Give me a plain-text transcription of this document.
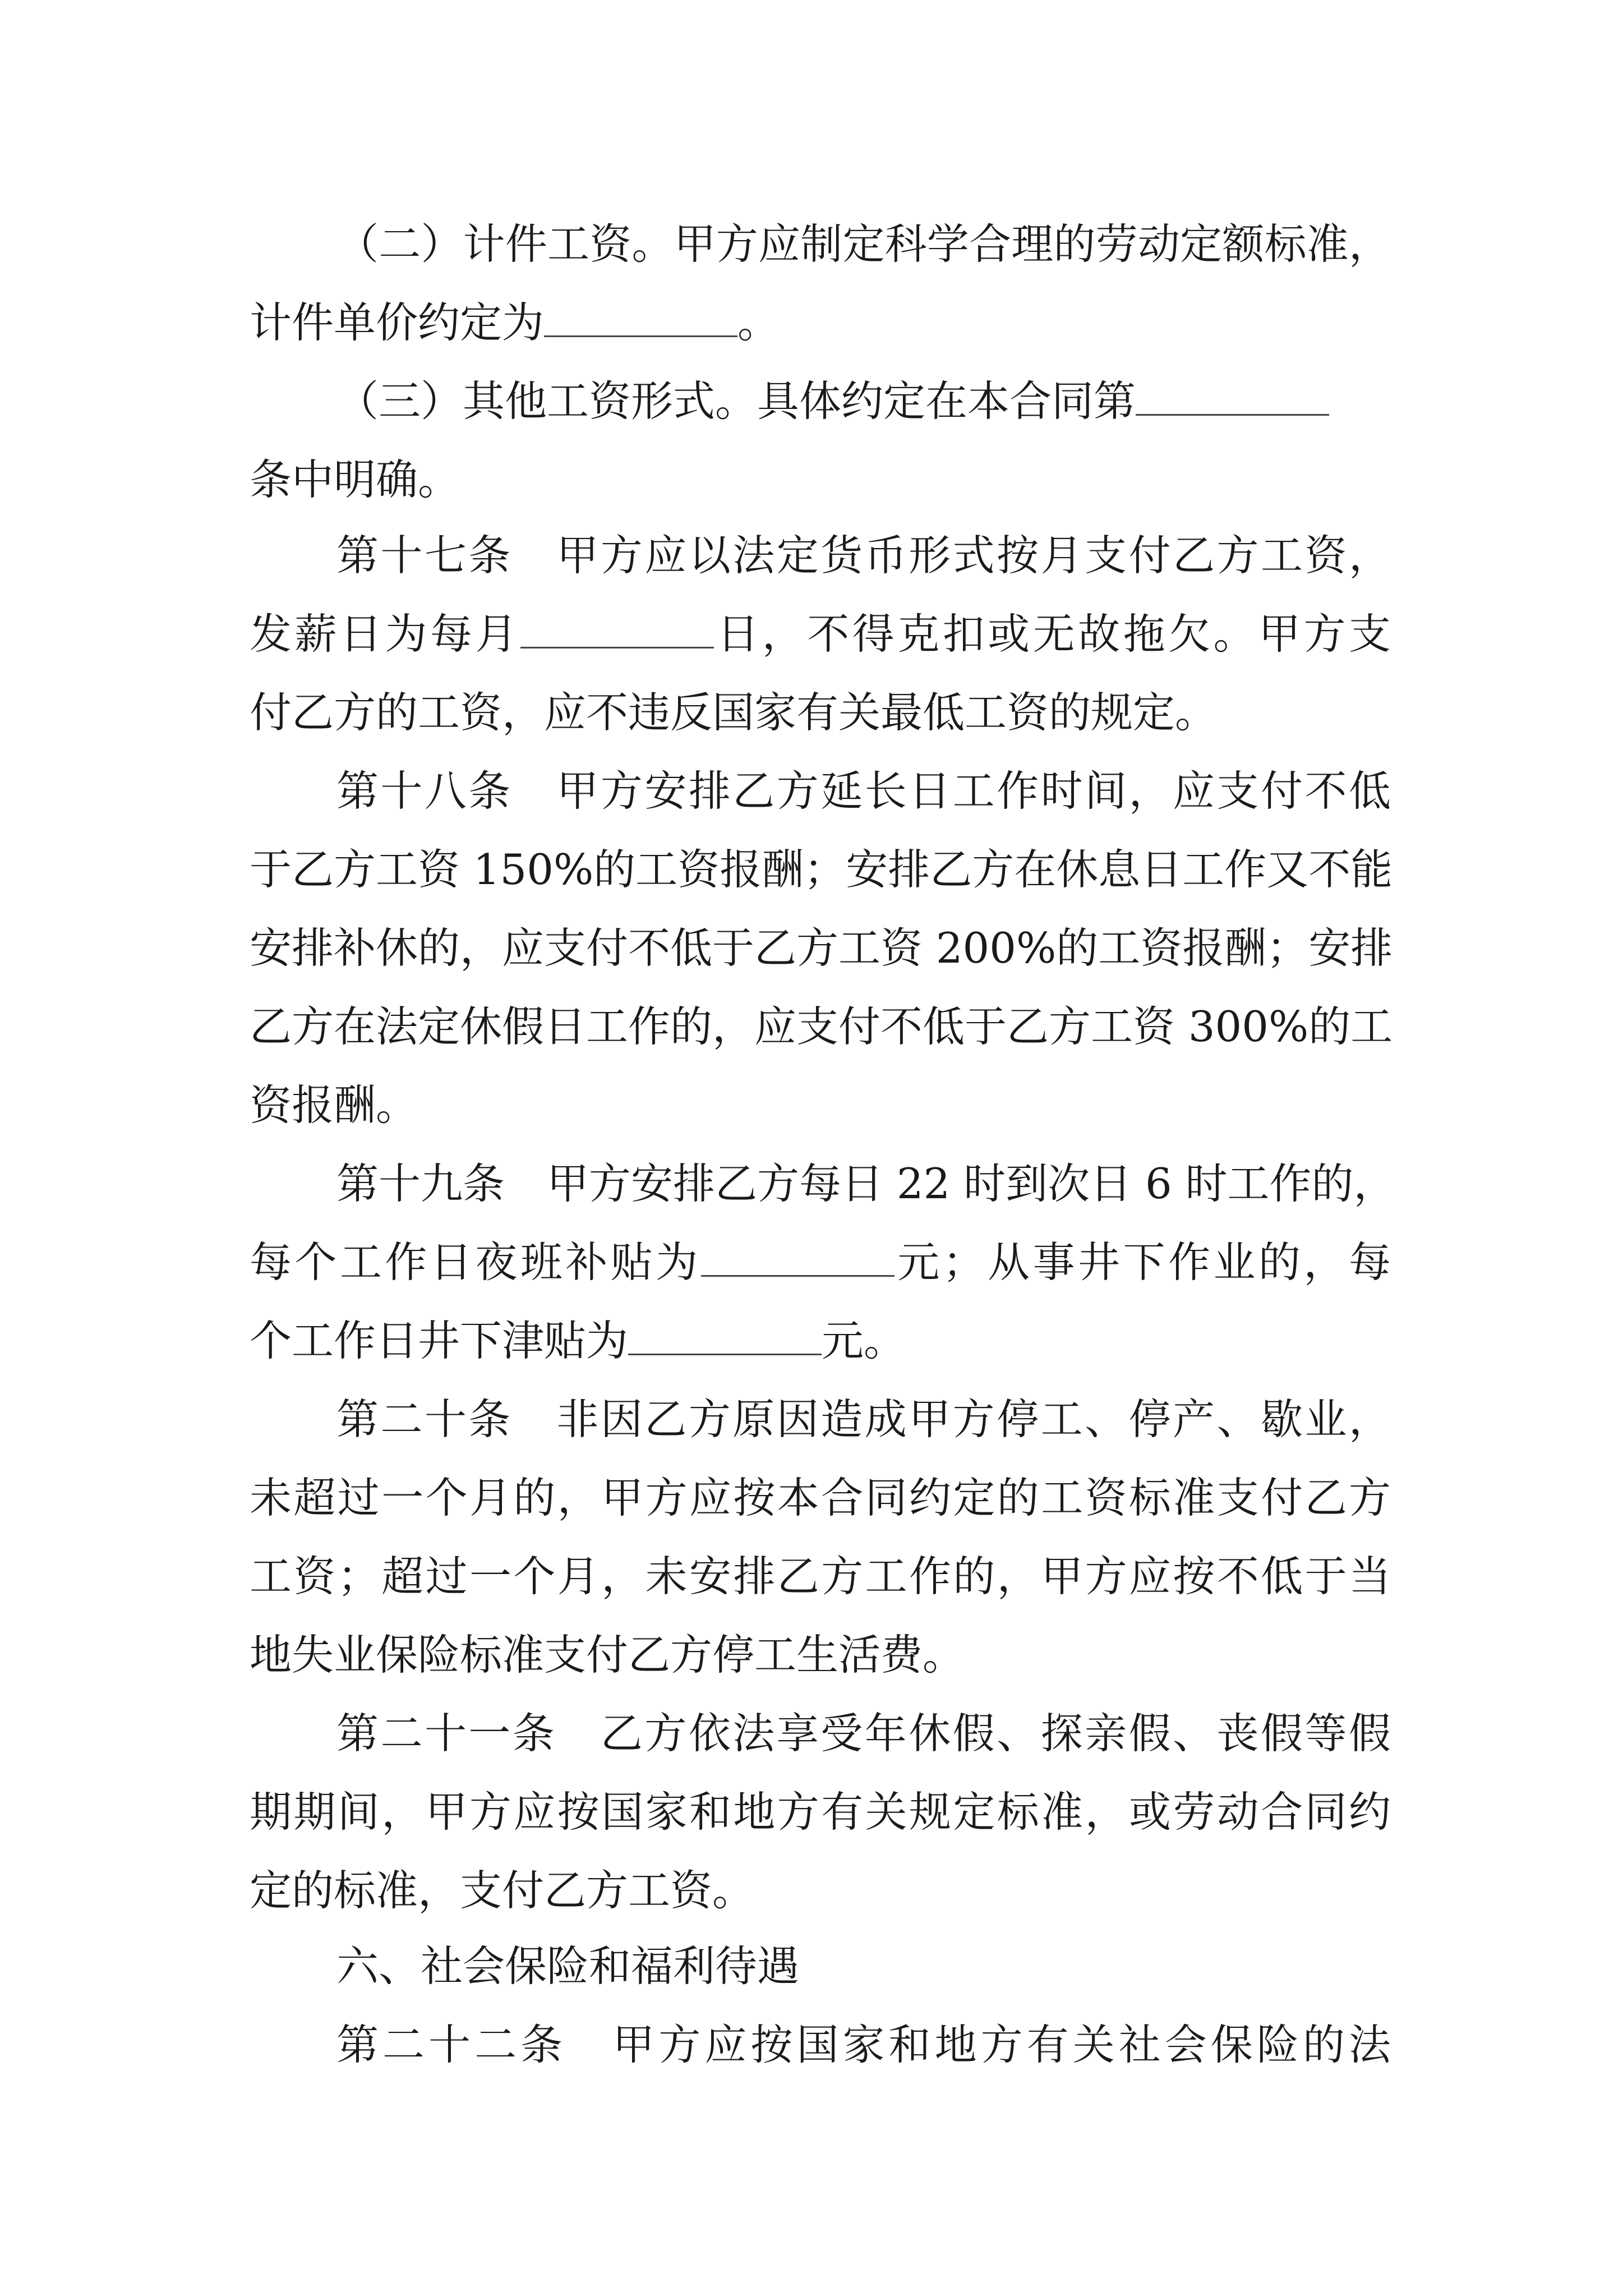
（二）计件工资。甲方应制定科学合理的劳动定额标准，
计件单价约定为	。
（三）其他工资形式。具体约定在本合同第
条中明确。
第十七条　甲方应以法定货币形式按月支付乙方工资，
发薪日为每月	日，不得克扣或无故拖欠。甲方支
付乙方的工资，应不违反国家有关最低工资的规定。
第十八条　甲方安排乙方延长日工作时间，应支付不低
于乙方工资 150%的工资报酬；安排乙方在休息日工作又不能
安排补休的，应支付不低于乙方工资 200%的工资报酬；安排
乙方在法定休假日工作的，应支付不低于乙方工资 300%的工
资报酬。
第十九条　甲方安排乙方每日 22 时到次日 6 时工作的，
每个工作日夜班补贴为	元；从事井下作业的，每
个工作日井下津贴为	元。
第二十条　非因乙方原因造成甲方停工、停产、歇业，
未超过一个月的，甲方应按本合同约定的工资标准支付乙方
工资；超过一个月，未安排乙方工作的，甲方应按不低于当
地失业保险标准支付乙方停工生活费。
第二十一条　乙方依法享受年休假、探亲假、丧假等假
期期间，甲方应按国家和地方有关规定标准，或劳动合同约
定的标准，支付乙方工资。
六、社会保险和福利待遇
第二十二条　甲方应按国家和地方有关社会保险的法
